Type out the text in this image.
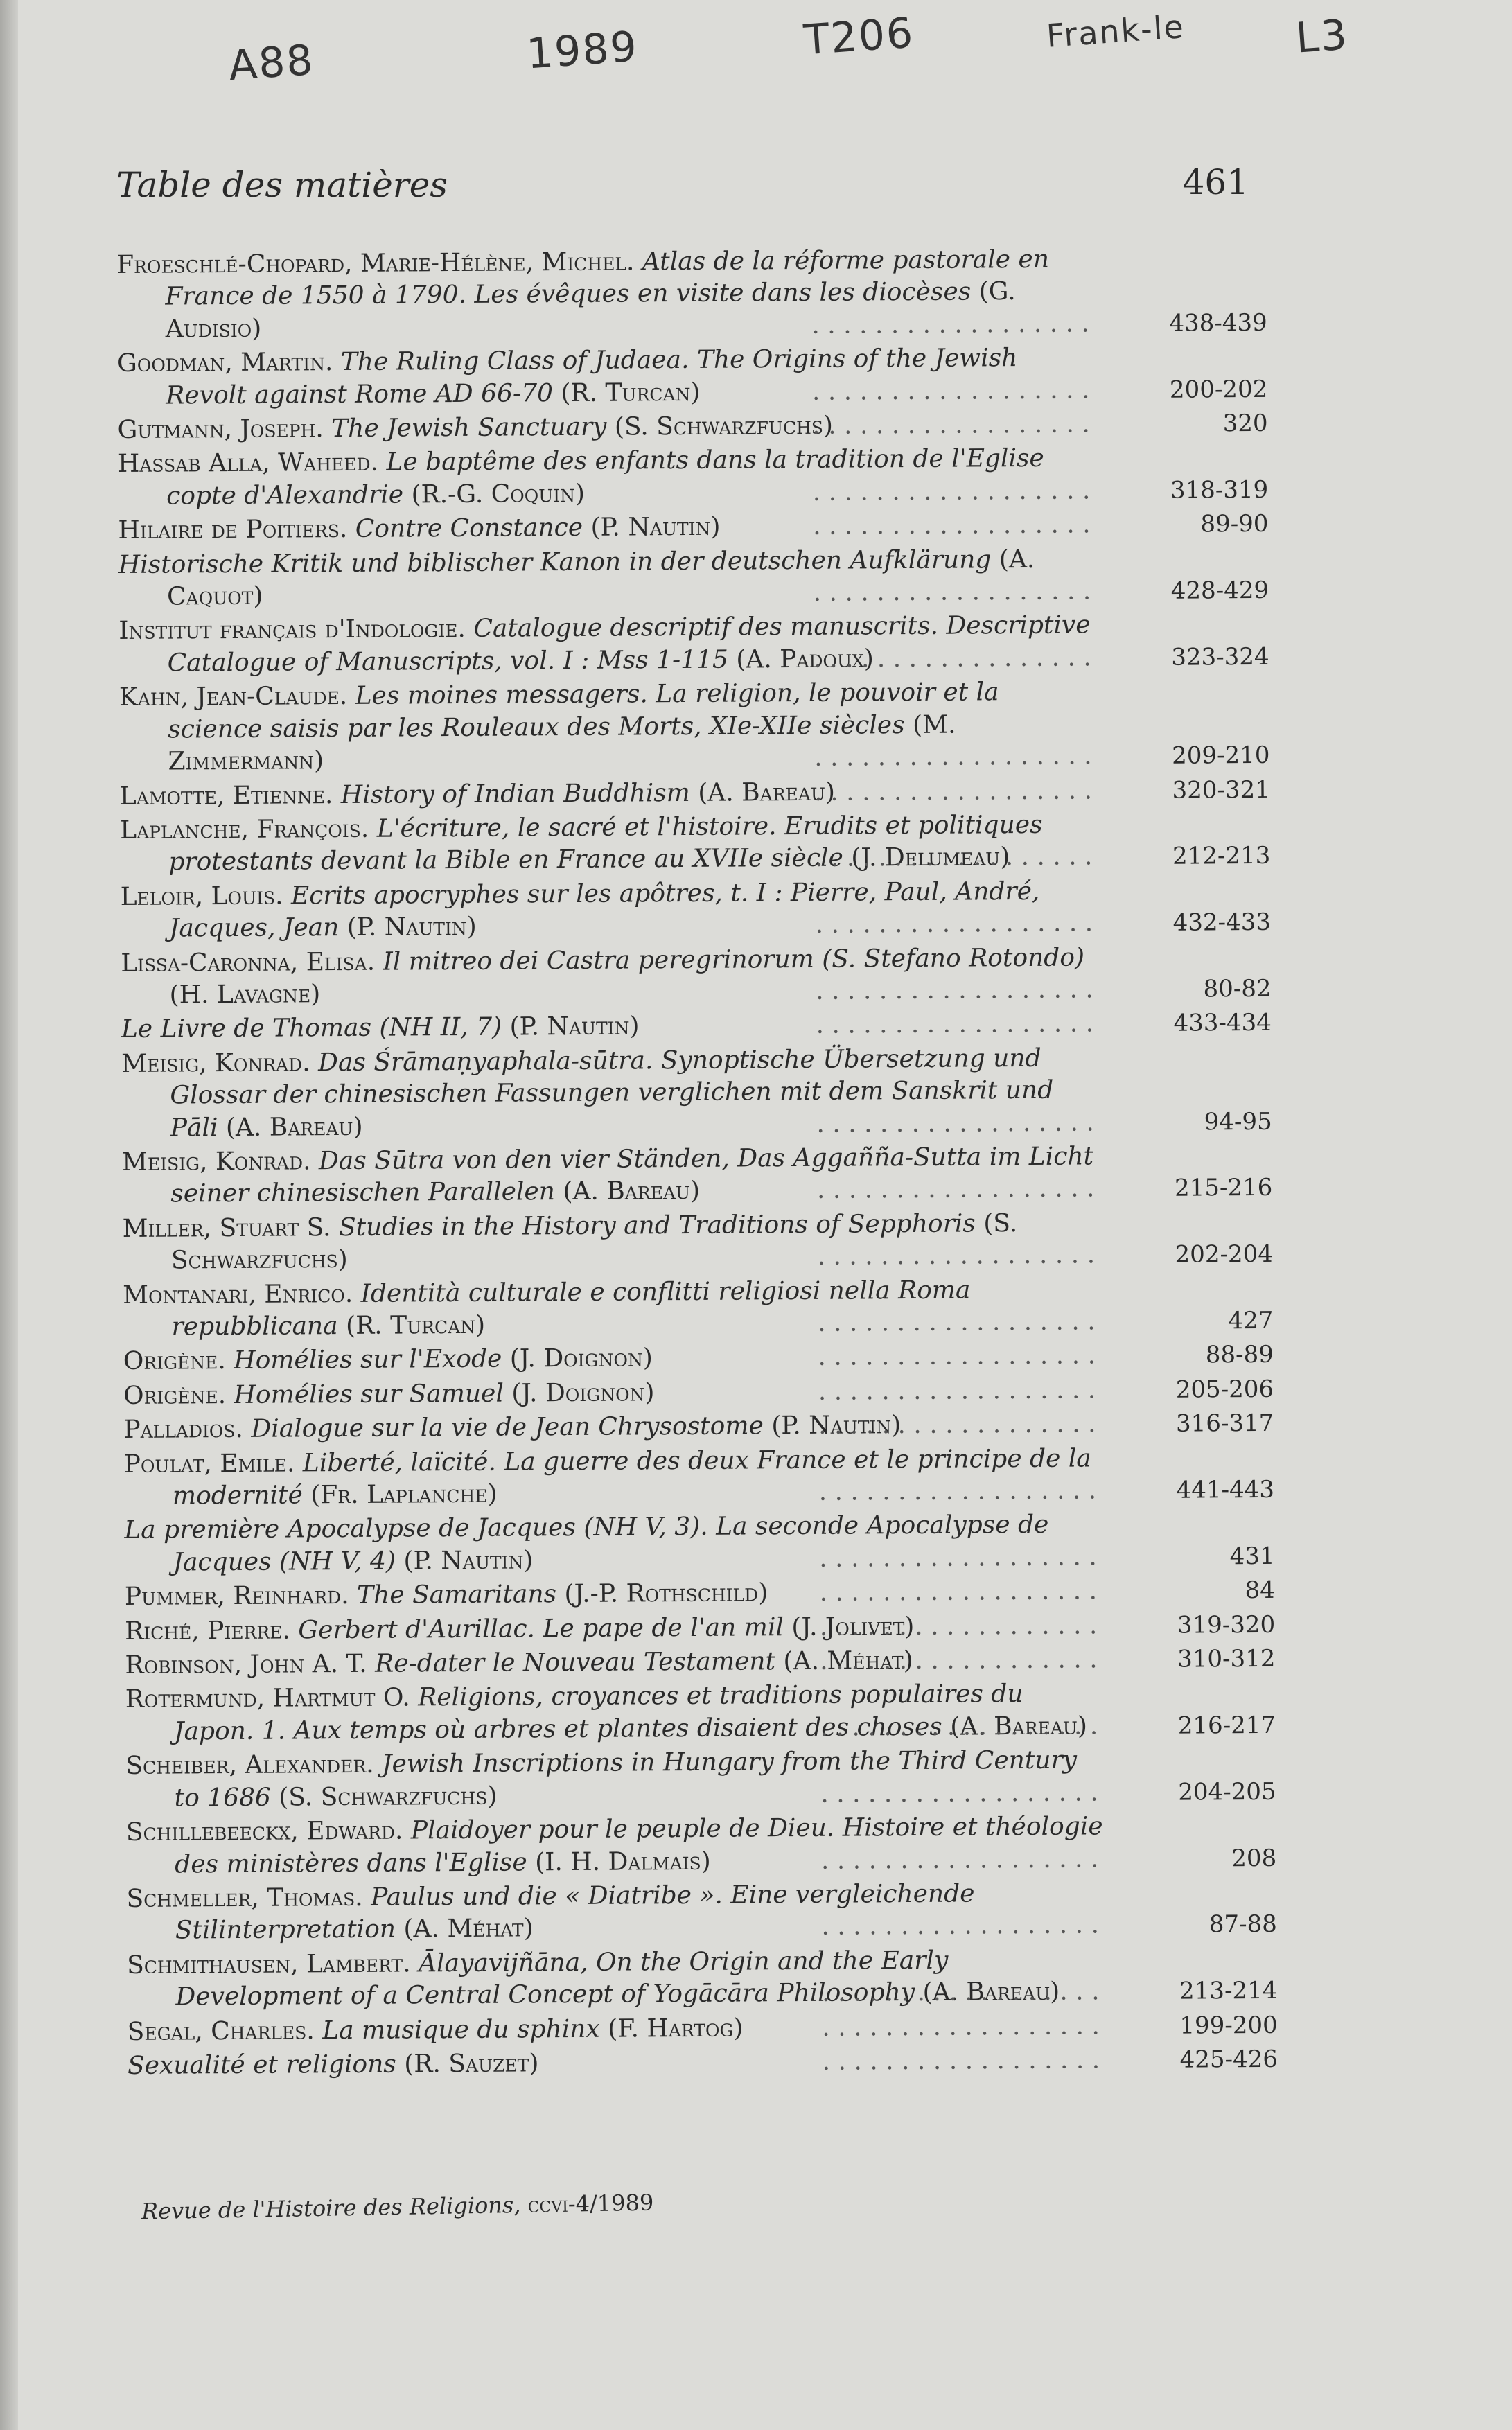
A88	1989	T206	Frank-le	L3
Table des matières	461
Froeschlé-Chopard, Marie-Hélène, Michel. Atlas de la réforme pastorale en France de 1550 à 1790. Les évêques en visite dans les diocèses (G. Audisio) . . .	438-439
Goodman, Martin. The Ruling Class of Judaea. The Origins of the Jewish Revolt against Rome AD 66-70 (R. Turcan) . . .	200-202
Gutmann, Joseph. The Jewish Sanctuary (S. Schwarzfuchs) . . .	320
Hassab Alla, Waheed. Le baptême des enfants dans la tradition de l'Eglise copte d'Alexandrie (R.-G. Coquin) . . .	318-319
Hilaire de Poitiers. Contre Constance (P. Nautin) . . .	89-90
Historische Kritik und biblischer Kanon in der deutschen Aufklärung (A. Caquot) . . .	428-429
Institut français d'Indologie. Catalogue descriptif des manuscrits. Descriptive Catalogue of Manuscripts, vol. I : Mss 1-115 (A. Padoux) . . .	323-324
Kahn, Jean-Claude. Les moines messagers. La religion, le pouvoir et la science saisis par les Rouleaux des Morts, XIe-XIIe siècles (M. Zimmermann) . . .	209-210
Lamotte, Etienne. History of Indian Buddhism (A. Bareau) . . .	320-321
Laplanche, François. L'écriture, le sacré et l'histoire. Erudits et politiques protestants devant la Bible en France au XVIIe siècle (J. Delumeau) . . .	212-213
Leloir, Louis. Ecrits apocryphes sur les apôtres, t. I : Pierre, Paul, André, Jacques, Jean (P. Nautin) . . .	432-433
Lissa-Caronna, Elisa. Il mitreo dei Castra peregrinorum (S. Stefano Rotondo) (H. Lavagne) . . .	80-82
Le Livre de Thomas (NH II, 7) (P. Nautin) . . .	433-434
Meisig, Konrad. Das Śrāmaṇyaphala-sūtra. Synoptische Übersetzung und Glossar der chinesischen Fassungen verglichen mit dem Sanskrit und Pāli (A. Bareau) . . .	94-95
Meisig, Konrad. Das Sūtra von den vier Ständen, Das Aggañña-Sutta im Licht seiner chinesischen Parallelen (A. Bareau) . . .	215-216
Miller, Stuart S. Studies in the History and Traditions of Sepphoris (S. Schwarzfuchs) . . .	202-204
Montanari, Enrico. Identità culturale e conflitti religiosi nella Roma repubblicana (R. Turcan) . . .	427
Origène. Homélies sur l'Exode (J. Doignon) . . .	88-89
Origène. Homélies sur Samuel (J. Doignon) . . .	205-206
Palladios. Dialogue sur la vie de Jean Chrysostome (P. Nautin) . . .	316-317
Poulat, Emile. Liberté, laïcité. La guerre des deux France et le principe de la modernité (Fr. Laplanche) . . .	441-443
La première Apocalypse de Jacques (NH V, 3). La seconde Apocalypse de Jacques (NH V, 4) (P. Nautin) . . .	431
Pummer, Reinhard. The Samaritans (J.-P. Rothschild) . . .	84
Riché, Pierre. Gerbert d'Aurillac. Le pape de l'an mil (J. Jolivet) . . .	319-320
Robinson, John A. T. Re-dater le Nouveau Testament (A. Méhat) . . .	310-312
Rotermund, Hartmut O. Religions, croyances et traditions populaires du Japon. 1. Aux temps où arbres et plantes disaient des choses (A. Bareau) . . .	216-217
Scheiber, Alexander. Jewish Inscriptions in Hungary from the Third Century to 1686 (S. Schwarzfuchs) . . .	204-205
Schillebeeckx, Edward. Plaidoyer pour le peuple de Dieu. Histoire et théologie des ministères dans l'Eglise (I. H. Dalmais) . . .	208
Schmeller, Thomas. Paulus und die « Diatribe ». Eine vergleichende Stilinterpretation (A. Méhat) . . .	87-88
Schmithausen, Lambert. Ālayavijñāna, On the Origin and the Early Development of a Central Concept of Yogācāra Philosophy (A. Bareau) . . .	213-214
Segal, Charles. La musique du sphinx (F. Hartog) . . .	199-200
Sexualité et religions (R. Sauzet) . . .	425-426
Revue de l'Histoire des Religions, ccvi-4/1989
